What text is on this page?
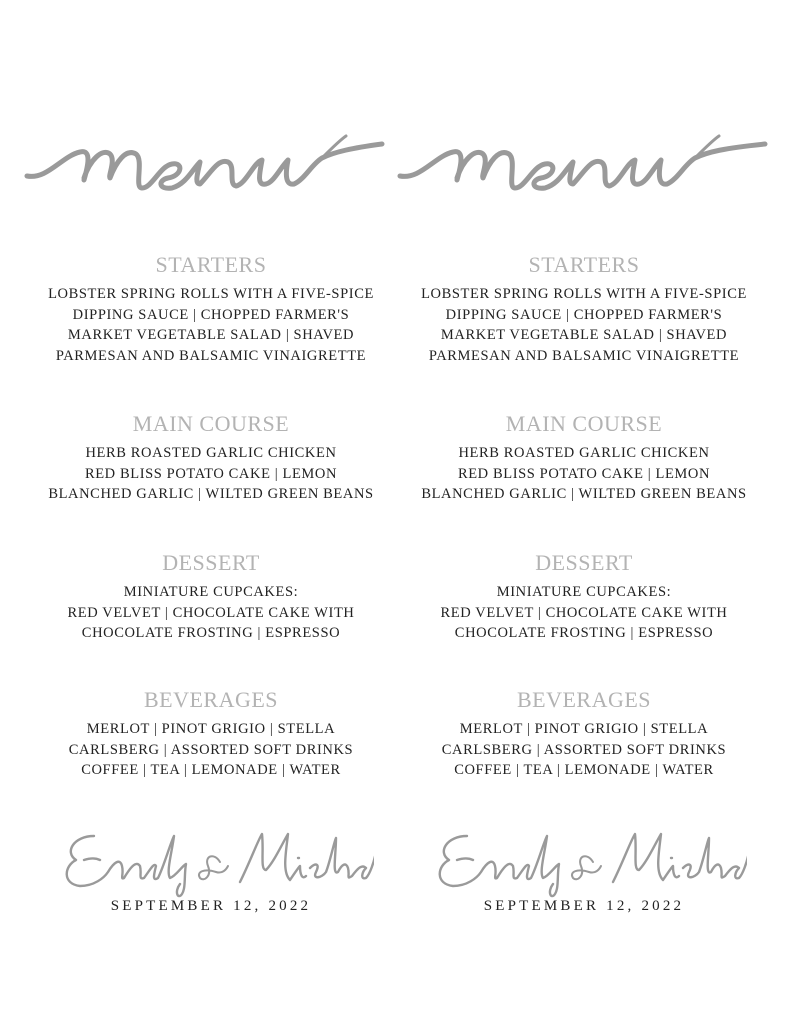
STARTERS
LOBSTER SPRING ROLLS WITH A FIVE-SPICE
DIPPING SAUCE | CHOPPED FARMER'S
MARKET VEGETABLE SALAD | SHAVED
PARMESAN AND BALSAMIC VINAIGRETTE
MAIN COURSE
HERB ROASTED GARLIC CHICKEN
RED BLISS POTATO CAKE | LEMON
BLANCHED GARLIC | WILTED GREEN BEANS
DESSERT
MINIATURE CUPCAKES:
RED VELVET | CHOCOLATE CAKE WITH
CHOCOLATE FROSTING | ESPRESSO
BEVERAGES
MERLOT | PINOT GRIGIO | STELLA
CARLSBERG | ASSORTED SOFT DRINKS
COFFEE | TEA | LEMONADE | WATER
SEPTEMBER 12, 2022
STARTERS
LOBSTER SPRING ROLLS WITH A FIVE-SPICE
DIPPING SAUCE | CHOPPED FARMER'S
MARKET VEGETABLE SALAD | SHAVED
PARMESAN AND BALSAMIC VINAIGRETTE
MAIN COURSE
HERB ROASTED GARLIC CHICKEN
RED BLISS POTATO CAKE | LEMON
BLANCHED GARLIC | WILTED GREEN BEANS
DESSERT
MINIATURE CUPCAKES:
RED VELVET | CHOCOLATE CAKE WITH
CHOCOLATE FROSTING | ESPRESSO
BEVERAGES
MERLOT | PINOT GRIGIO | STELLA
CARLSBERG | ASSORTED SOFT DRINKS
COFFEE | TEA | LEMONADE | WATER
SEPTEMBER 12, 2022
